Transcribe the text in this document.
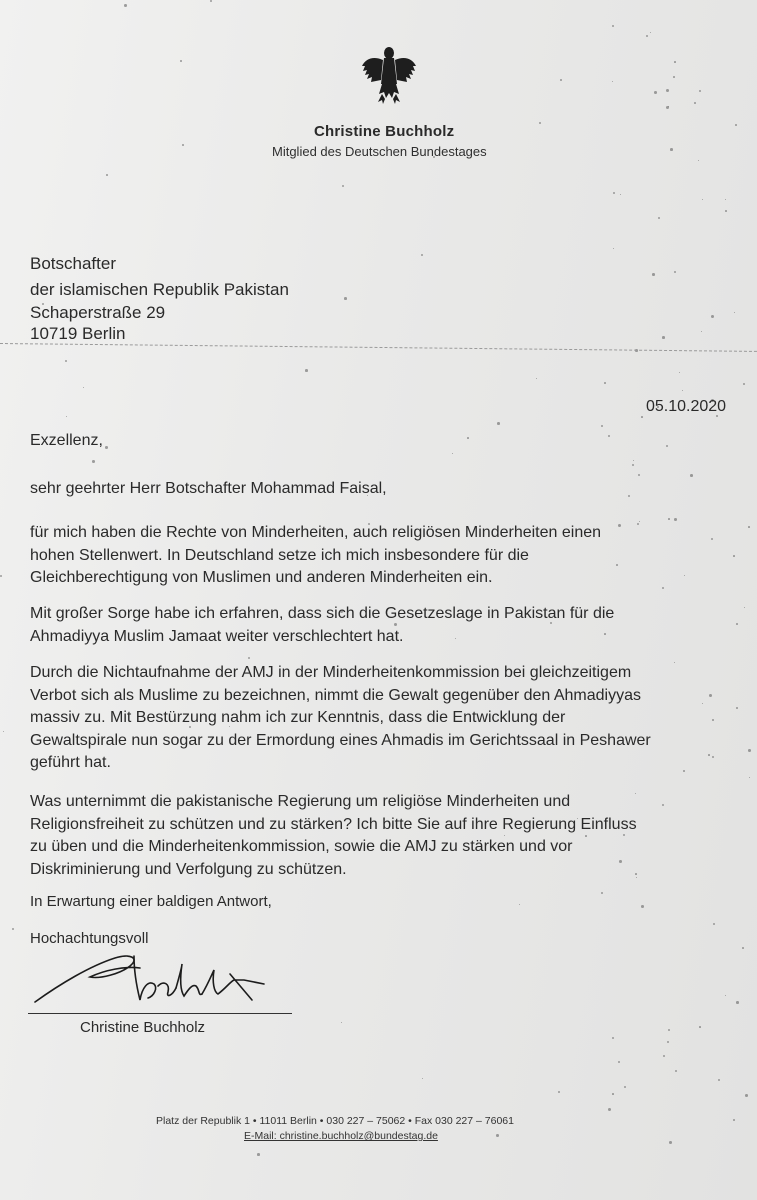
Christine Buchholz
Mitglied des Deutschen Bundestages
Botschafter
der islamischen Republik Pakistan
Schaperstraße 29
10719 Berlin
05.10.2020
Exzellenz,
sehr geehrter Herr Botschafter Mohammad Faisal,
für mich haben die Rechte von Minderheiten, auch religiösen Minderheiten einen
hohen Stellenwert. In Deutschland setze ich mich insbesondere für die
Gleichberechtigung von Muslimen und anderen Minderheiten ein.
Mit großer Sorge habe ich erfahren, dass sich die Gesetzeslage in Pakistan für die
Ahmadiyya Muslim Jamaat weiter verschlechtert hat.
Durch die Nichtaufnahme der AMJ in der Minderheitenkommission bei gleichzeitigem
Verbot sich als Muslime zu bezeichnen, nimmt die Gewalt gegenüber den Ahmadiyyas
massiv zu. Mit Bestürzung nahm ich zur Kenntnis, dass die Entwicklung der
Gewaltspirale nun sogar zu der Ermordung eines Ahmadis im Gerichtssaal in Peshawer
geführt hat.
Was unternimmt die pakistanische Regierung um religiöse Minderheiten und
Religionsfreiheit zu schützen und zu stärken? Ich bitte Sie auf ihre Regierung Einfluss
zu üben und die Minderheitenkommission, sowie die AMJ zu stärken und vor
Diskriminierung und Verfolgung zu schützen.
In Erwartung einer baldigen Antwort,
Hochachtungsvoll
Christine Buchholz
Platz der Republik 1 • 11011 Berlin • 030 227 – 75062 • Fax 030 227 – 76061
E-Mail: christine.buchholz@bundestag.de
